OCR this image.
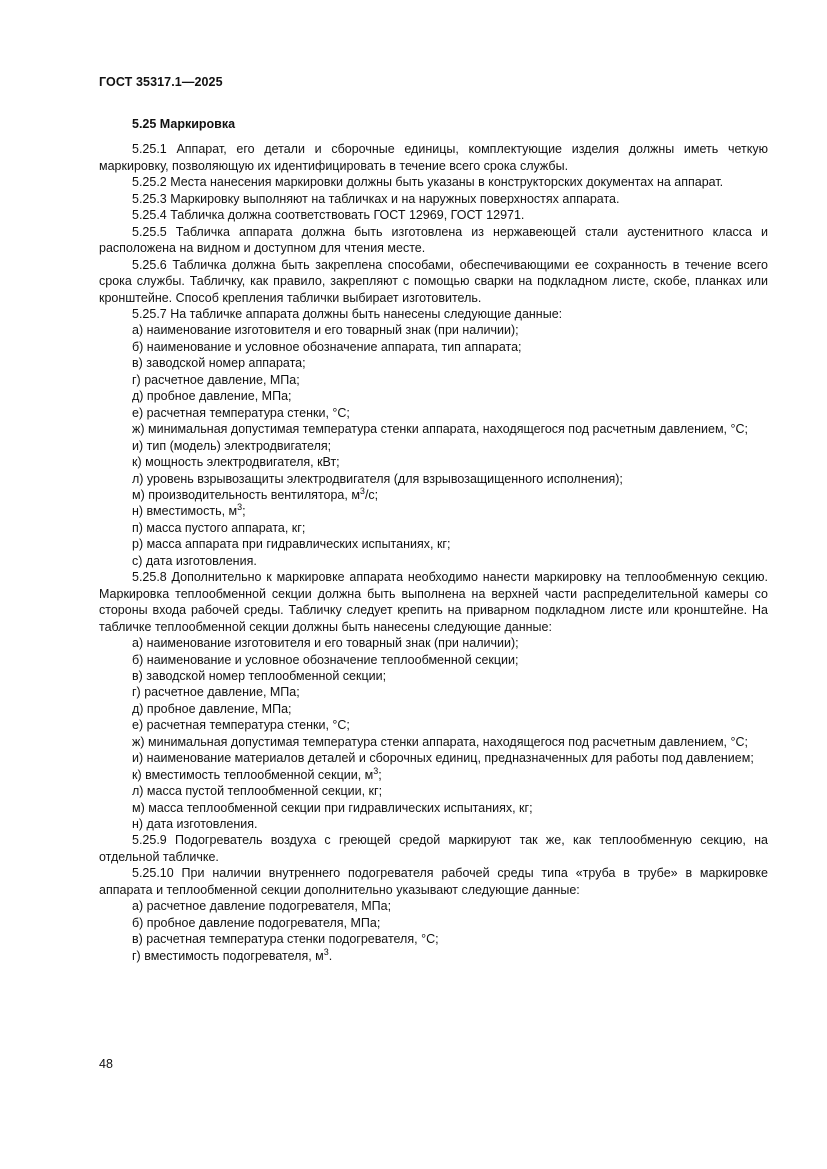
ГОСТ 35317.1—2025
5.25 Маркировка
5.25.1 Аппарат, его детали и сборочные единицы, комплектующие изделия должны иметь четкую маркировку, позволяющую их идентифицировать в течение всего срока службы.
5.25.2 Места нанесения маркировки должны быть указаны в конструкторских документах на аппарат.
5.25.3 Маркировку выполняют на табличках и на наружных поверхностях аппарата.
5.25.4 Табличка должна соответствовать ГОСТ 12969, ГОСТ 12971.
5.25.5 Табличка аппарата должна быть изготовлена из нержавеющей стали аустенитного класса и расположена на видном и доступном для чтения месте.
5.25.6 Табличка должна быть закреплена способами, обеспечивающими ее сохранность в течение всего срока службы. Табличку, как правило, закрепляют с помощью сварки на подкладном листе, скобе, планках или кронштейне. Способ крепления таблички выбирает изготовитель.
5.25.7 На табличке аппарата должны быть нанесены следующие данные:
а) наименование изготовителя и его товарный знак (при наличии);
б) наименование и условное обозначение аппарата, тип аппарата;
в) заводской номер аппарата;
г) расчетное давление, МПа;
д) пробное давление, МПа;
е) расчетная температура стенки, °C;
ж) минимальная допустимая температура стенки аппарата, находящегося под расчетным давлением, °C;
и) тип (модель) электродвигателя;
к) мощность электродвигателя, кВт;
л) уровень взрывозащиты электродвигателя (для взрывозащищенного исполнения);
м) производительность вентилятора, $м^3/с$;
н) вместимость, $м^3$;
п) масса пустого аппарата, кг;
р) масса аппарата при гидравлических испытаниях, кг;
с) дата изготовления.
5.25.8 Дополнительно к маркировке аппарата необходимо нанести маркировку на теплообменную секцию. Маркировка теплообменной секции должна быть выполнена на верхней части распределительной камеры со стороны входа рабочей среды. Табличку следует крепить на приварном подкладном листе или кронштейне. На табличке теплообменной секции должны быть нанесены следующие данные:
а) наименование изготовителя и его товарный знак (при наличии);
б) наименование и условное обозначение теплообменной секции;
в) заводской номер теплообменной секции;
г) расчетное давление, МПа;
д) пробное давление, МПа;
е) расчетная температура стенки, °C;
ж) минимальная допустимая температура стенки аппарата, находящегося под расчетным давлением, °C;
и) наименование материалов деталей и сборочных единиц, предназначенных для работы под давлением;
к) вместимость теплообменной секции, $м^3$;
л) масса пустой теплообменной секции, кг;
м) масса теплообменной секции при гидравлических испытаниях, кг;
н) дата изготовления.
5.25.9 Подогреватель воздуха с греющей средой маркируют так же, как теплообменную секцию, на отдельной табличке.
5.25.10 При наличии внутреннего подогревателя рабочей среды типа «труба в трубе» в маркировке аппарата и теплообменной секции дополнительно указывают следующие данные:
а) расчетное давление подогревателя, МПа;
б) пробное давление подогревателя, МПа;
в) расчетная температура стенки подогревателя, °C;
г) вместимость подогревателя, $м^3$.
48
